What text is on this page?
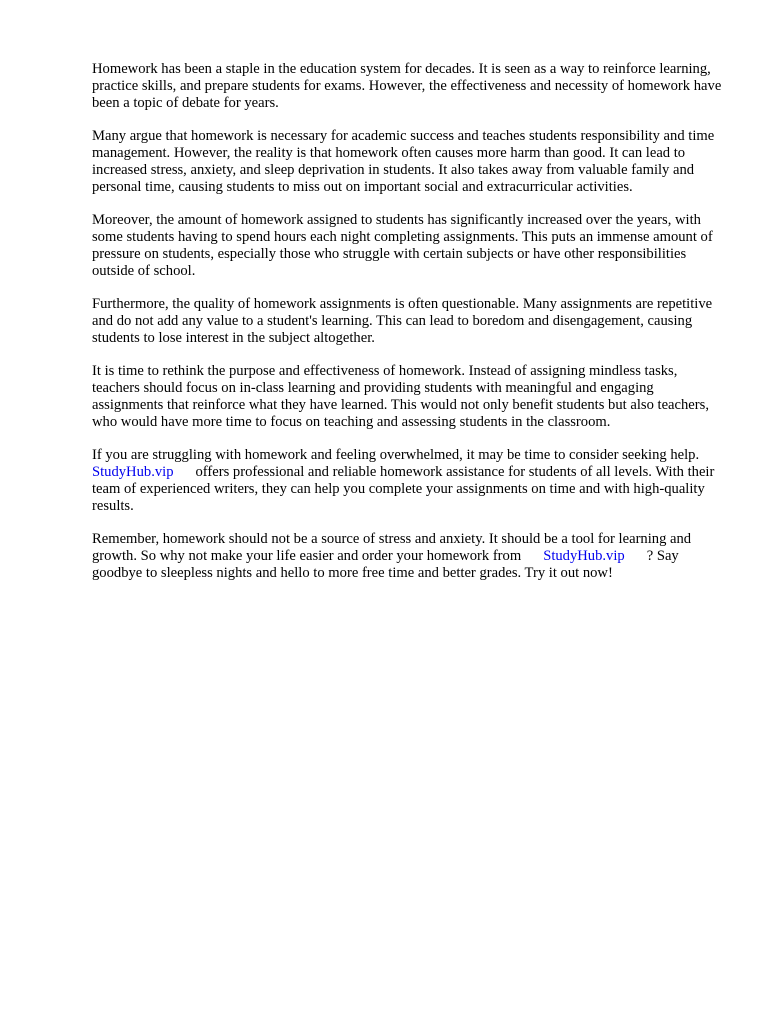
Homework has been a staple in the education system for decades. It is seen as a way to reinforce learning, practice skills, and prepare students for exams. However, the effectiveness and necessity of homework have been a topic of debate for years.

Many argue that homework is necessary for academic success and teaches students responsibility and time management. However, the reality is that homework often causes more harm than good. It can lead to increased stress, anxiety, and sleep deprivation in students. It also takes away from valuable family and personal time, causing students to miss out on important social and extracurricular activities.

Moreover, the amount of homework assigned to students has significantly increased over the years, with some students having to spend hours each night completing assignments. This puts an immense amount of pressure on students, especially those who struggle with certain subjects or have other responsibilities outside of school.

Furthermore, the quality of homework assignments is often questionable. Many assignments are repetitive and do not add any value to a student's learning. This can lead to boredom and disengagement, causing students to lose interest in the subject altogether.

It is time to rethink the purpose and effectiveness of homework. Instead of assigning mindless tasks, teachers should focus on in-class learning and providing students with meaningful and engaging assignments that reinforce what they have learned. This would not only benefit students but also teachers, who would have more time to focus on teaching and assessing students in the classroom.

If you are struggling with homework and feeling overwhelmed, it may be time to consider seeking help.StudyHub.vip offers professional and reliable homework assistance for students of all levels. With their team of experienced writers, they can help you complete your assignments on time and with high-quality results.

Remember, homework should not be a source of stress and anxiety. It should be a tool for learning and growth. So why not make your life easier and order your homework from StudyHub.vip ? Say goodbye to sleepless nights and hello to more free time and better grades. Try it out now!
